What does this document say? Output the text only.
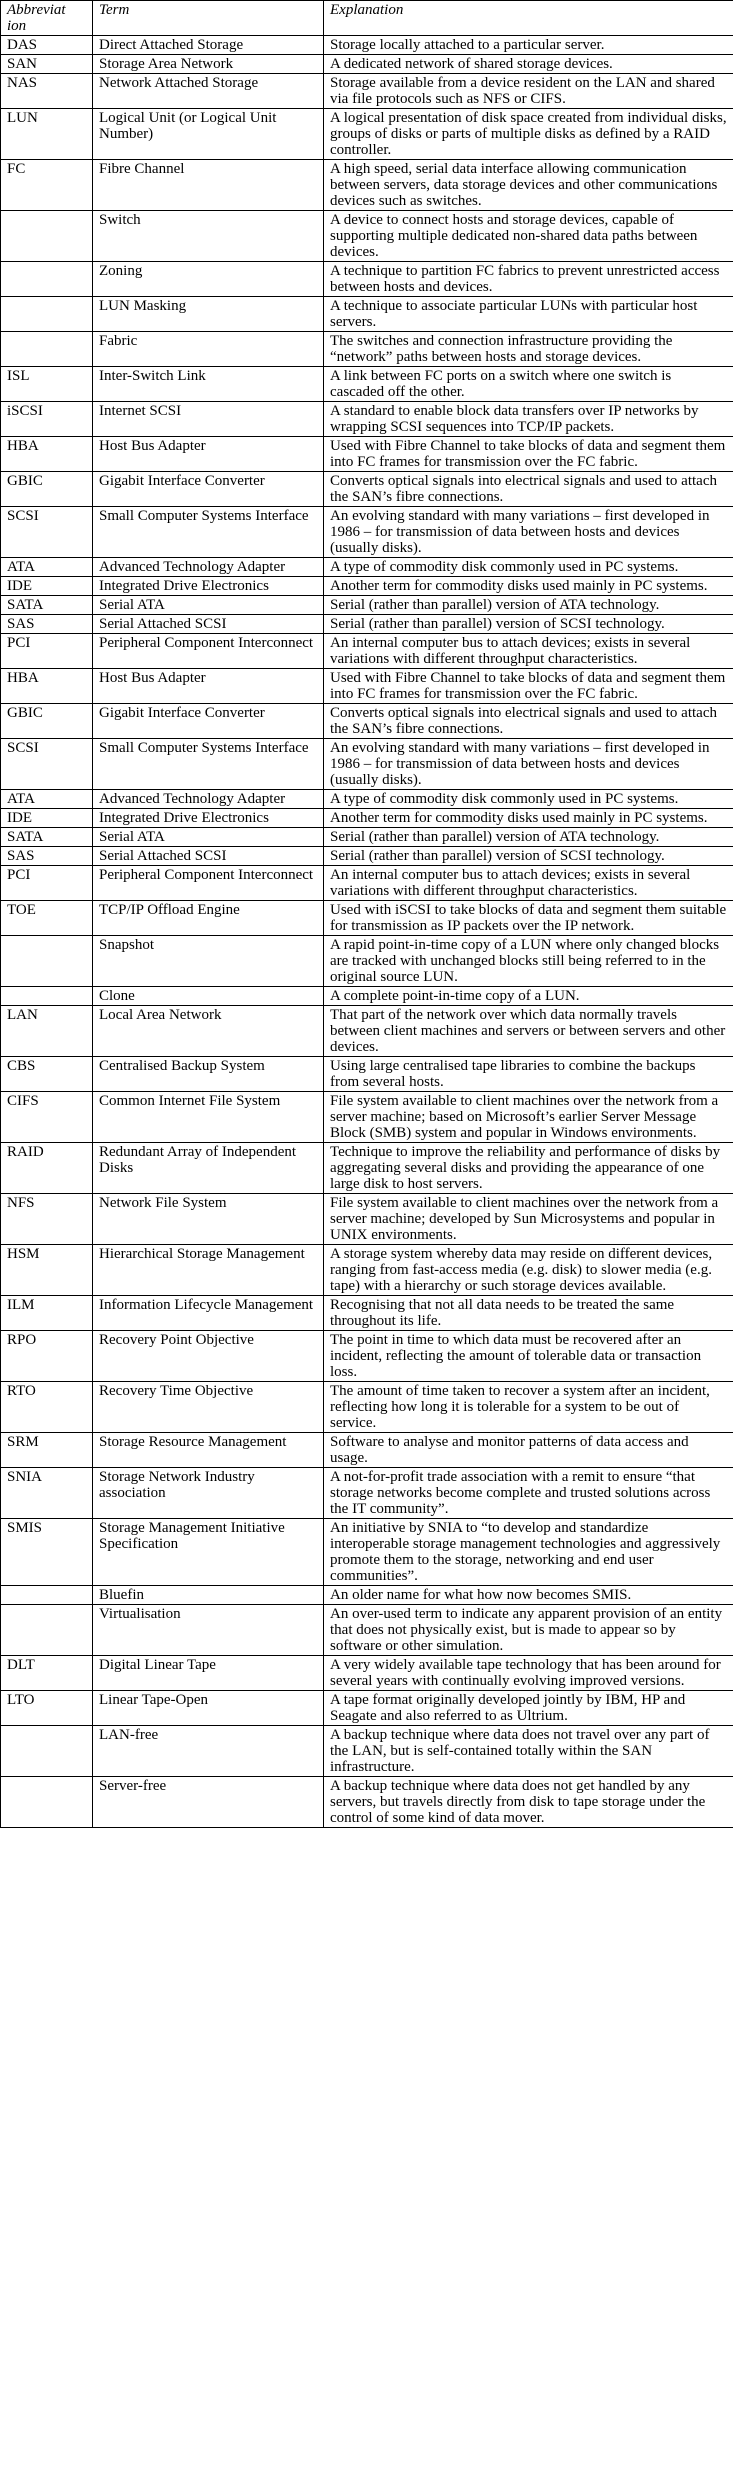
Abbreviat ion	Term	Explanation
DAS	Direct Attached Storage	Storage locally attached to a particular server.
SAN	Storage Area Network	A dedicated network of shared storage devices.
NAS	Network Attached Storage	Storage available from a device resident on the LAN and shared via file protocols such as NFS or CIFS.
LUN	Logical Unit (or Logical Unit Number)	A logical presentation of disk space created from individual disks, groups of disks or parts of multiple disks as defined by a RAID controller.
FC	Fibre Channel	A high speed, serial data interface allowing communication between servers, data storage devices and other communications devices such as switches.
	Switch	A device to connect hosts and storage devices, capable of supporting multiple dedicated non-shared data paths between devices.
	Zoning	A technique to partition FC fabrics to prevent unrestricted access between hosts and devices.
	LUN Masking	A technique to associate particular LUNs with particular host servers.
	Fabric	The switches and connection infrastructure providing the “network” paths between hosts and storage devices.
ISL	Inter-Switch Link	A link between FC ports on a switch where one switch is cascaded off the other.
iSCSI	Internet SCSI	A standard to enable block data transfers over IP networks by wrapping SCSI sequences into TCP/IP packets.
HBA	Host Bus Adapter	Used with Fibre Channel to take blocks of data and segment them into FC frames for transmission over the FC fabric.
GBIC	Gigabit Interface Converter	Converts optical signals into electrical signals and used to attach the SAN’s fibre connections.
SCSI	Small Computer Systems Interface	An evolving standard with many variations – first developed in 1986 – for transmission of data between hosts and devices (usually disks).
ATA	Advanced Technology Adapter	A type of commodity disk commonly used in PC systems.
IDE	Integrated Drive Electronics	Another term for commodity disks used mainly in PC systems.
SATA	Serial ATA	Serial (rather than parallel) version of ATA technology.
SAS	Serial Attached SCSI	Serial (rather than parallel) version of SCSI technology.
PCI	Peripheral Component Interconnect	An internal computer bus to attach devices; exists in several variations with different throughput characteristics.
HBA	Host Bus Adapter	Used with Fibre Channel to take blocks of data and segment them into FC frames for transmission over the FC fabric.
GBIC	Gigabit Interface Converter	Converts optical signals into electrical signals and used to attach the SAN’s fibre connections.
SCSI	Small Computer Systems Interface	An evolving standard with many variations – first developed in 1986 – for transmission of data between hosts and devices (usually disks).
ATA	Advanced Technology Adapter	A type of commodity disk commonly used in PC systems.
IDE	Integrated Drive Electronics	Another term for commodity disks used mainly in PC systems.
SATA	Serial ATA	Serial (rather than parallel) version of ATA technology.
SAS	Serial Attached SCSI	Serial (rather than parallel) version of SCSI technology.
PCI	Peripheral Component Interconnect	An internal computer bus to attach devices; exists in several variations with different throughput characteristics.
TOE	TCP/IP Offload Engine	Used with iSCSI to take blocks of data and segment them suitable for transmission as IP packets over the IP network.
	Snapshot	A rapid point-in-time copy of a LUN where only changed blocks are tracked with unchanged blocks still being referred to in the original source LUN.
	Clone	A complete point-in-time copy of a LUN.
LAN	Local Area Network	That part of the network over which data normally travels between client machines and servers or between servers and other devices.
CBS	Centralised Backup System	Using large centralised tape libraries to combine the backups from several hosts.
CIFS	Common Internet File System	File system available to client machines over the network from a server machine; based on Microsoft’s earlier Server Message Block (SMB) system and popular in Windows environments.
RAID	Redundant Array of Independent Disks	Technique to improve the reliability and performance of disks by aggregating several disks and providing the appearance of one large disk to host servers.
NFS	Network File System	File system available to client machines over the network from a server machine; developed by Sun Microsystems and popular in UNIX environments.
HSM	Hierarchical Storage Management	A storage system whereby data may reside on different devices, ranging from fast-access media (e.g. disk) to slower media (e.g. tape) with a hierarchy or such storage devices available.
ILM	Information Lifecycle Management	Recognising that not all data needs to be treated the same throughout its life.
RPO	Recovery Point Objective	The point in time to which data must be recovered after an incident, reflecting the amount of tolerable data or transaction loss.
RTO	Recovery Time Objective	The amount of time taken to recover a system after an incident, reflecting how long it is tolerable for a system to be out of service.
SRM	Storage Resource Management	Software to analyse and monitor patterns of data access and usage.
SNIA	Storage Network Industry association	A not-for-profit trade association with a remit to ensure “that storage networks become complete and trusted solutions across the IT community”.
SMIS	Storage Management Initiative Specification	An initiative by SNIA to “to develop and standardize interoperable storage management technologies and aggressively promote them to the storage, networking and end user communities”.
	Bluefin	An older name for what how now becomes SMIS.
	Virtualisation	An over-used term to indicate any apparent provision of an entity that does not physically exist, but is made to appear so by software or other simulation.
DLT	Digital Linear Tape	A very widely available tape technology that has been around for several years with continually evolving improved versions.
LTO	Linear Tape-Open	A tape format originally developed jointly by IBM, HP and Seagate and also referred to as Ultrium.
	LAN-free	A backup technique where data does not travel over any part of the LAN, but is self-contained totally within the SAN infrastructure.
	Server-free	A backup technique where data does not get handled by any servers, but travels directly from disk to tape storage under the control of some kind of data mover.
